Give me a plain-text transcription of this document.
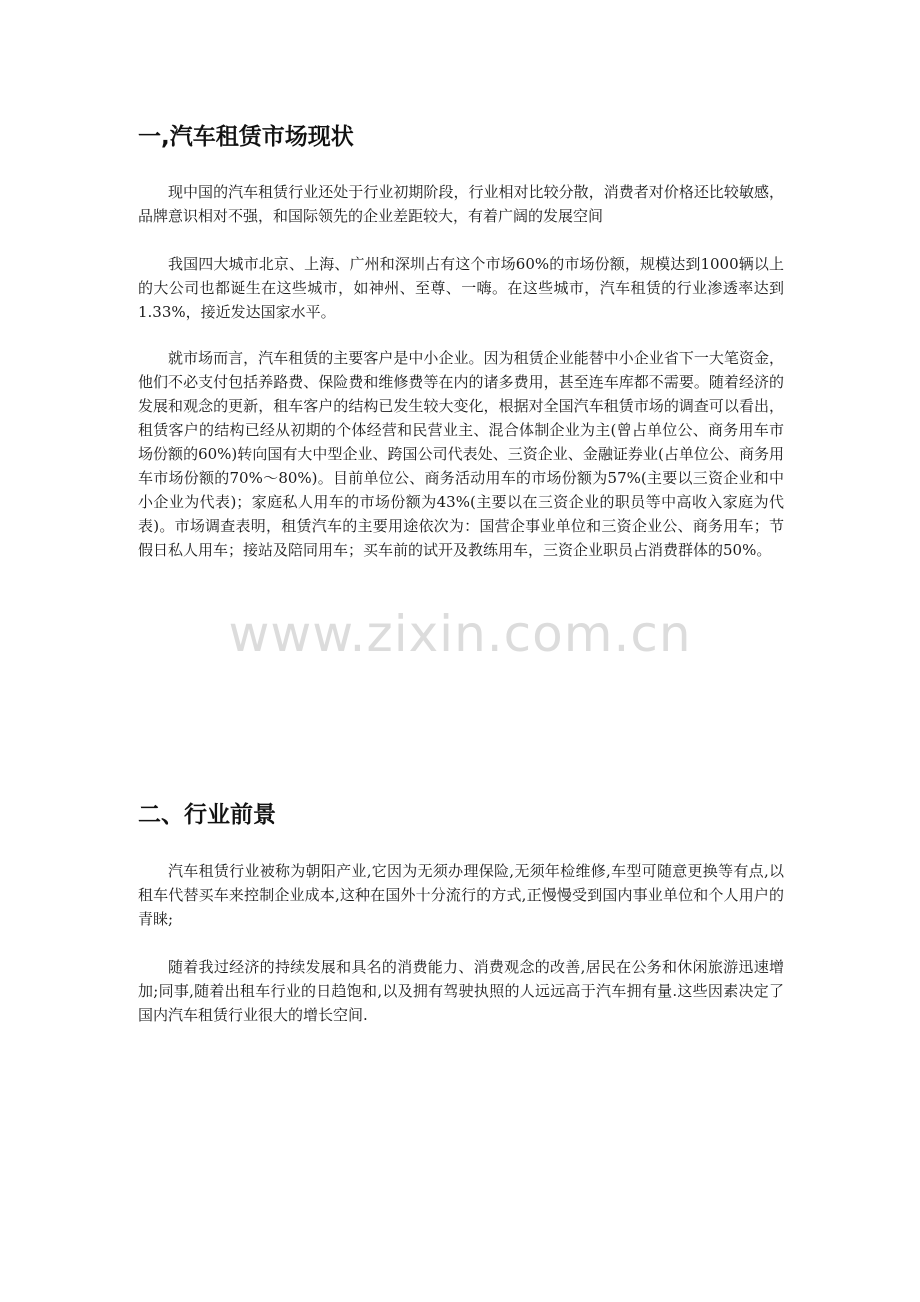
一,汽车租赁市场现状

现中国的汽车租赁行业还处于行业初期阶段，行业相对比较分散，消费者对价格还比较敏感，品牌意识相对不强，和国际领先的企业差距较大，有着广阔的发展空间

我国四大城市北京、上海、广州和深圳占有这个市场60%的市场份额，规模达到1000辆以上的大公司也都诞生在这些城市，如神州、至尊、一嗨。在这些城市，汽车租赁的行业渗透率达到1.33%，接近发达国家水平。

就市场而言，汽车租赁的主要客户是中小企业。因为租赁企业能替中小企业省下一大笔资金，他们不必支付包括养路费、保险费和维修费等在内的诸多费用，甚至连车库都不需要。随着经济的发展和观念的更新，租车客户的结构已发生较大变化，根据对全国汽车租赁市场的调查可以看出，租赁客户的结构已经从初期的个体经营和民营业主、混合体制企业为主(曾占单位公、商务用车市场份额的60%)转向国有大中型企业、跨国公司代表处、三资企业、金融证券业(占单位公、商务用车市场份额的70%～80%)。目前单位公、商务活动用车的市场份额为57%(主要以三资企业和中小企业为代表)；家庭私人用车的市场份额为43%(主要以在三资企业的职员等中高收入家庭为代表)。市场调查表明，租赁汽车的主要用途依次为：国营企事业单位和三资企业公、商务用车；节假日私人用车；接站及陪同用车；买车前的试开及教练用车，三资企业职员占消费群体的50%。

www.zixin.com.cn
二、行业前景

汽车租赁行业被称为朝阳产业,它因为无须办理保险,无须年检维修,车型可随意更换等有点,以租车代替买车来控制企业成本,这种在国外十分流行的方式,正慢慢受到国内事业单位和个人用户的青睐;

随着我过经济的持续发展和具名的消费能力、消费观念的改善,居民在公务和休闲旅游迅速增加;同事,随着出租车行业的日趋饱和,以及拥有驾驶执照的人远远高于汽车拥有量.这些因素决定了国内汽车租赁行业很大的增长空间.
